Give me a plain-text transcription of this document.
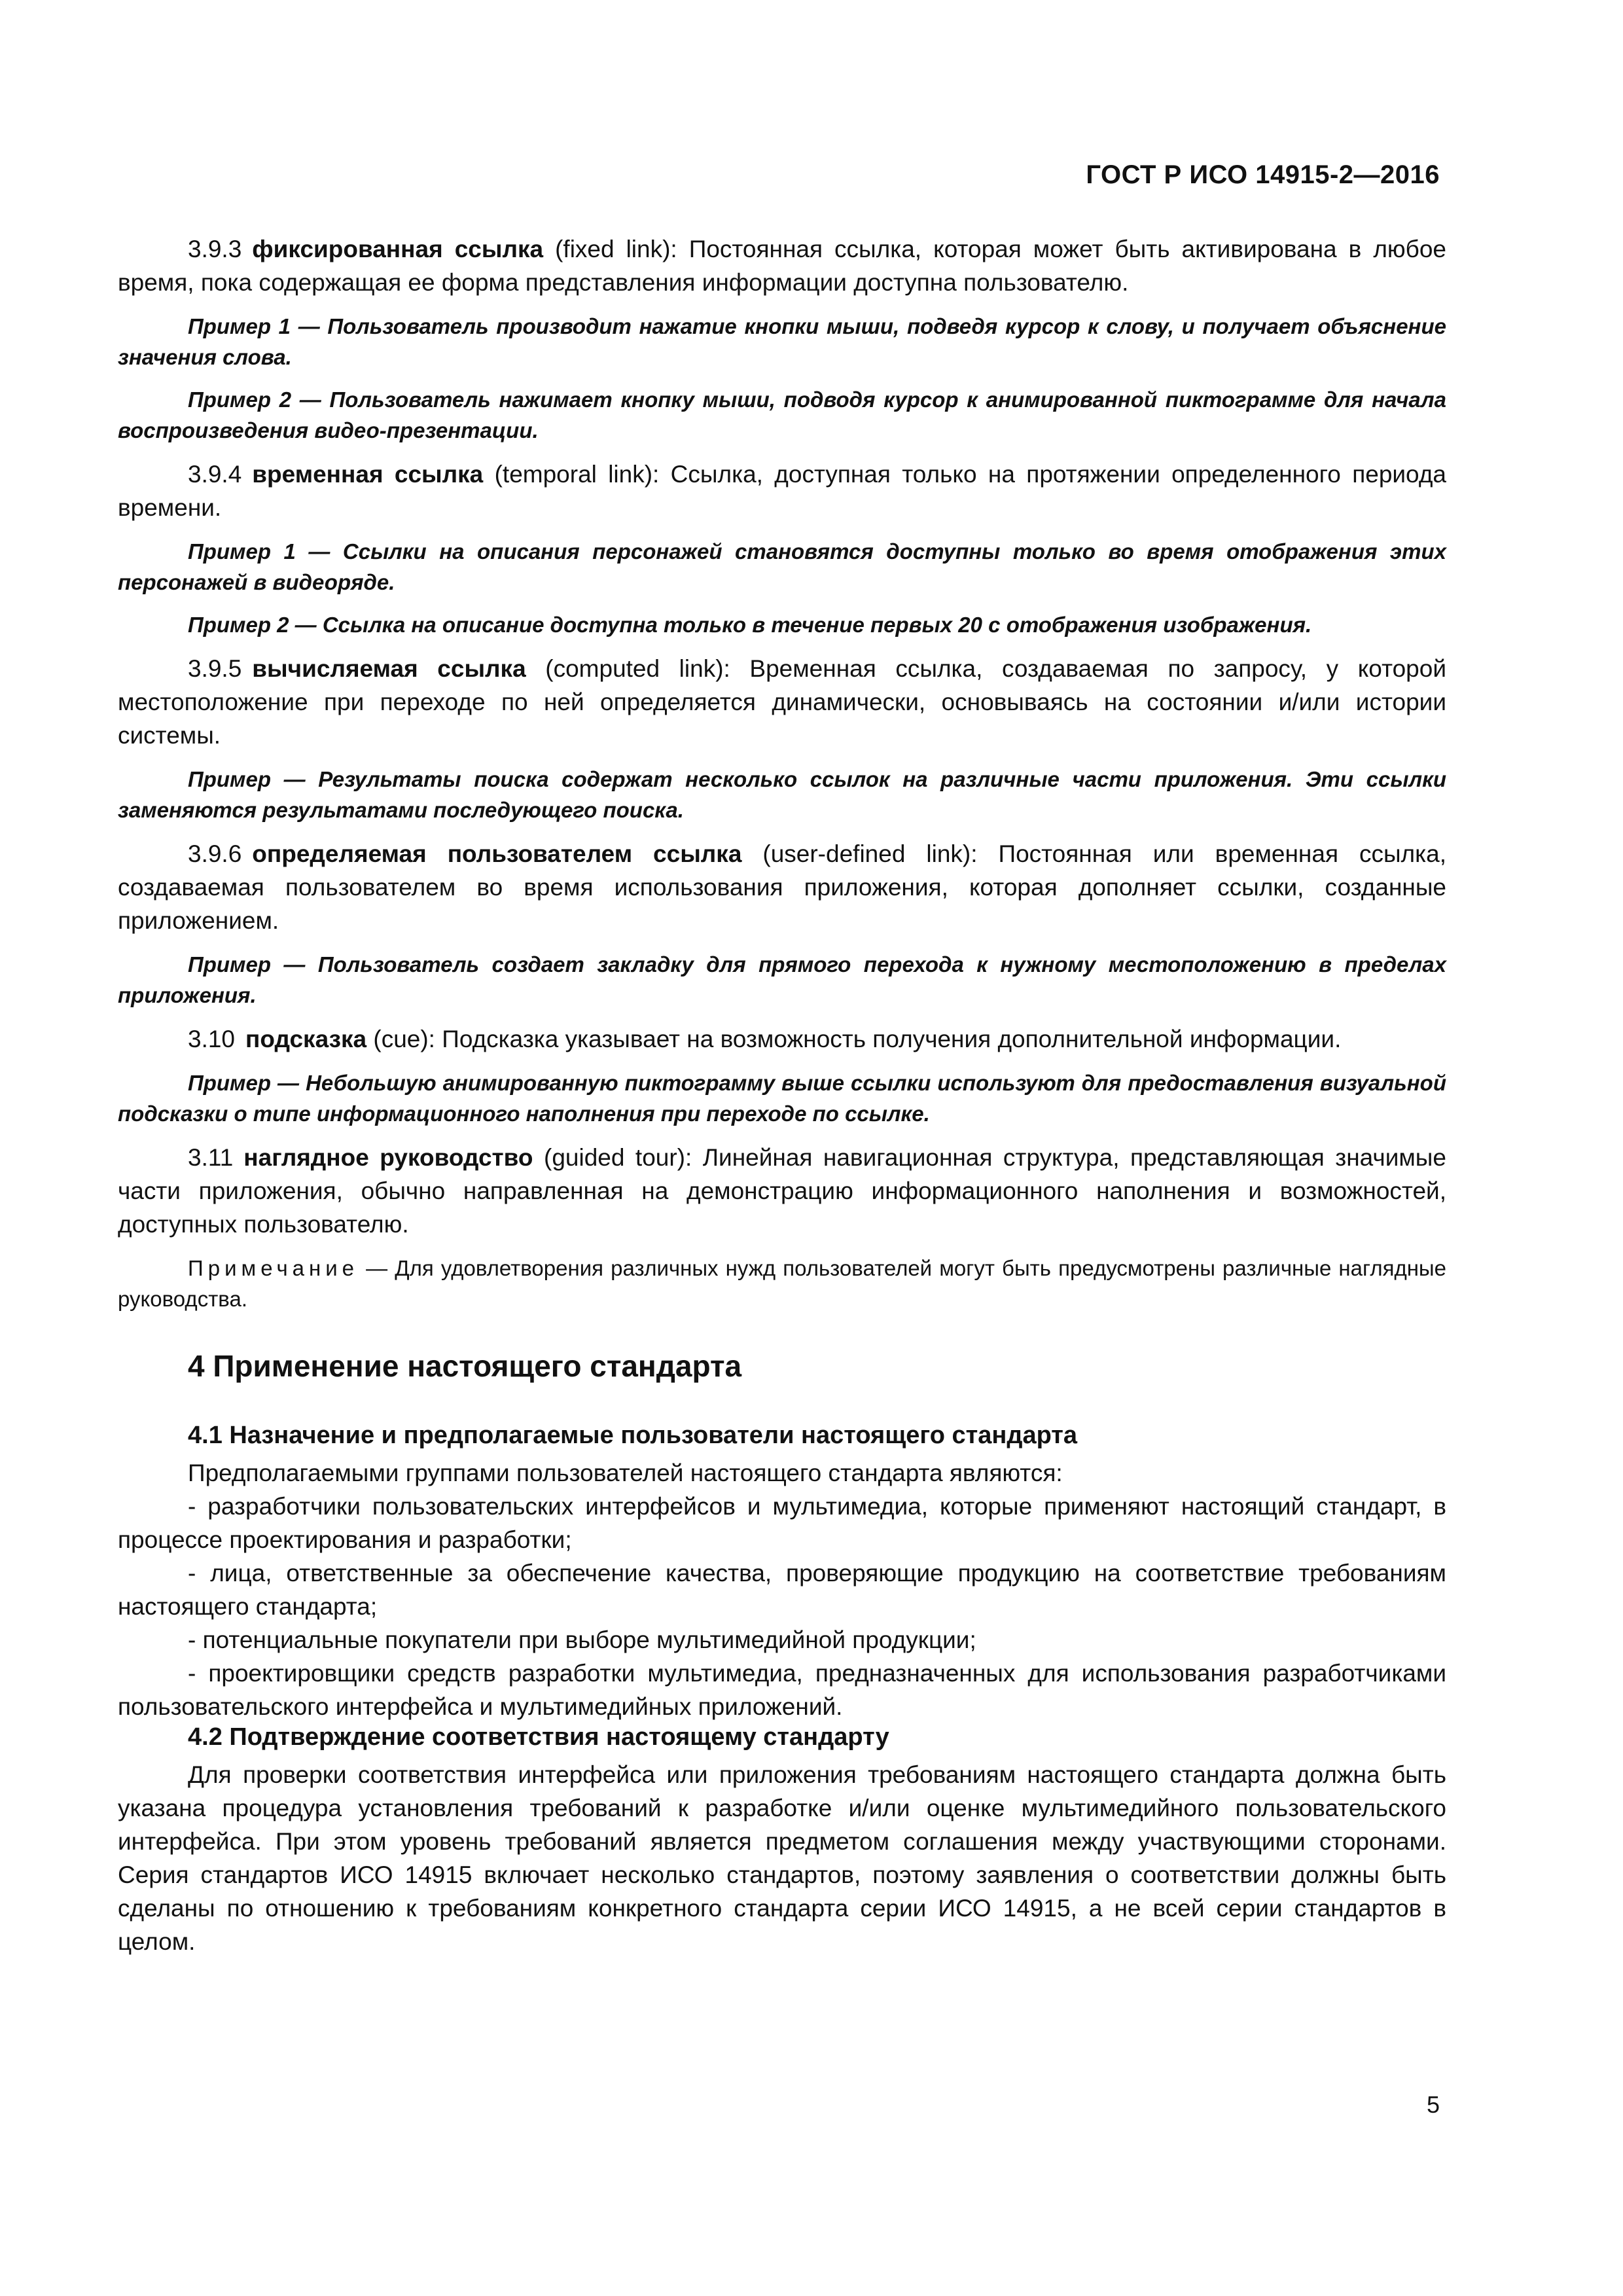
ГОСТ Р ИСО 14915-2—2016

3.9.3 фиксированная ссылка (fixed link): Постоянная ссылка, которая может быть активирована в любое время, пока содержащая ее форма представления информации доступна пользователю.

Пример 1 — Пользователь производит нажатие кнопки мыши, подведя курсор к слову, и получает объяснение значения слова.

Пример 2 — Пользователь нажимает кнопку мыши, подводя курсор к анимированной пиктограмме для начала воспроизведения видео-презентации.

3.9.4 временная ссылка (temporal link): Ссылка, доступная только на протяжении определенного периода времени.

Пример 1 — Ссылки на описания персонажей становятся доступны только во время отображения этих персонажей в видеоряде.

Пример 2 — Ссылка на описание доступна только в течение первых 20 с отображения изображения.

3.9.5 вычисляемая ссылка (computed link): Временная ссылка, создаваемая по запросу, у которой местоположение при переходе по ней определяется динамически, основываясь на состоянии и/или истории системы.

Пример — Результаты поиска содержат несколько ссылок на различные части приложения. Эти ссылки заменяются результатами последующего поиска.

3.9.6 определяемая пользователем ссылка (user-defined link): Постоянная или временная ссылка, создаваемая пользователем во время использования приложения, которая дополняет ссылки, созданные приложением.

Пример — Пользователь создает закладку для прямого перехода к нужному местоположению в пределах приложения.

3.10 подсказка (cue): Подсказка указывает на возможность получения дополнительной информации.

Пример — Небольшую анимированную пиктограмму выше ссылки используют для предоставления визуальной подсказки о типе информационного наполнения при переходе по ссылке.

3.11 наглядное руководство (guided tour): Линейная навигационная структура, представляющая значимые части приложения, обычно направленная на демонстрацию информационного наполнения и возможностей, доступных пользователю.

Примечание — Для удовлетворения различных нужд пользователей могут быть предусмотрены различные наглядные руководства.

4 Применение настоящего стандарта
4.1 Назначение и предполагаемые пользователи настоящего стандарта

Предполагаемыми группами пользователей настоящего стандарта являются:

- разработчики пользовательских интерфейсов и мультимедиа, которые применяют настоящий стандарт, в процессе проектирования и разработки;

- лица, ответственные за обеспечение качества, проверяющие продукцию на соответствие требованиям настоящего стандарта;

- потенциальные покупатели при выборе мультимедийной продукции;

- проектировщики средств разработки мультимедиа, предназначенных для использования разработчиками пользовательского интерфейса и мультимедийных приложений.

4.2 Подтверждение соответствия настоящему стандарту

Для проверки соответствия интерфейса или приложения требованиям настоящего стандарта должна быть указана процедура установления требований к разработке и/или оценке мультимедийного пользовательского интерфейса. При этом уровень требований является предметом соглашения между участвующими сторонами. Серия стандартов ИСО 14915 включает несколько стандартов, поэтому заявления о соответствии должны быть сделаны по отношению к требованиям конкретного стандарта серии ИСО 14915, а не всей серии стандартов в целом.

5
